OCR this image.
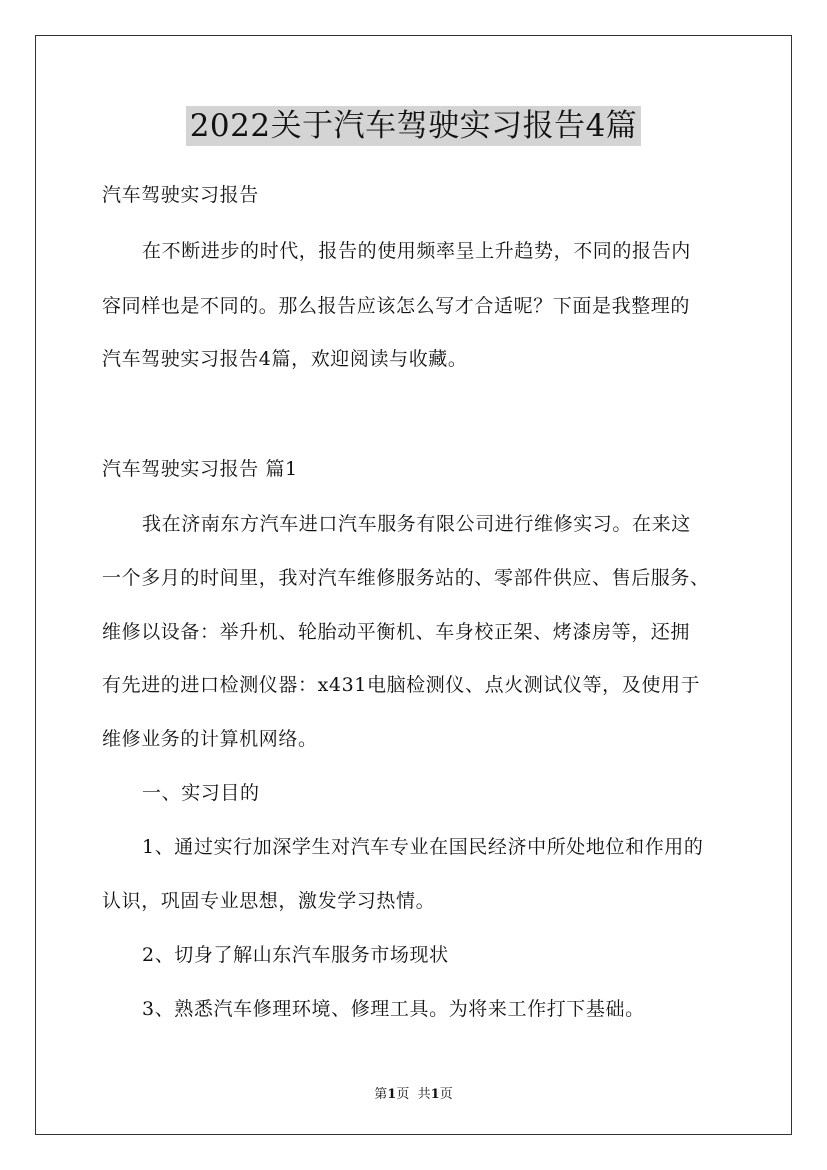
2022关于汽车驾驶实习报告4篇
汽车驾驶实习报告
在不断进步的时代，报告的使用频率呈上升趋势，不同的报告内
容同样也是不同的。那么报告应该怎么写才合适呢？下面是我整理的
汽车驾驶实习报告4篇，欢迎阅读与收藏。
汽车驾驶实习报告 篇1
我在济南东方汽车进口汽车服务有限公司进行维修实习。在来这
一个多月的时间里，我对汽车维修服务站的、零部件供应、售后服务、
维修以设备：举升机、轮胎动平衡机、车身校正架、烤漆房等，还拥
有先进的进口检测仪器：x431电脑检测仪、点火测试仪等，及使用于
维修业务的计算机网络。
一、实习目的
1、通过实行加深学生对汽车专业在国民经济中所处地位和作用的
认识，巩固专业思想，激发学习热情。
2、切身了解山东汽车服务市场现状
3、熟悉汽车修理环境、修理工具。为将来工作打下基础。
第1页 共1页
